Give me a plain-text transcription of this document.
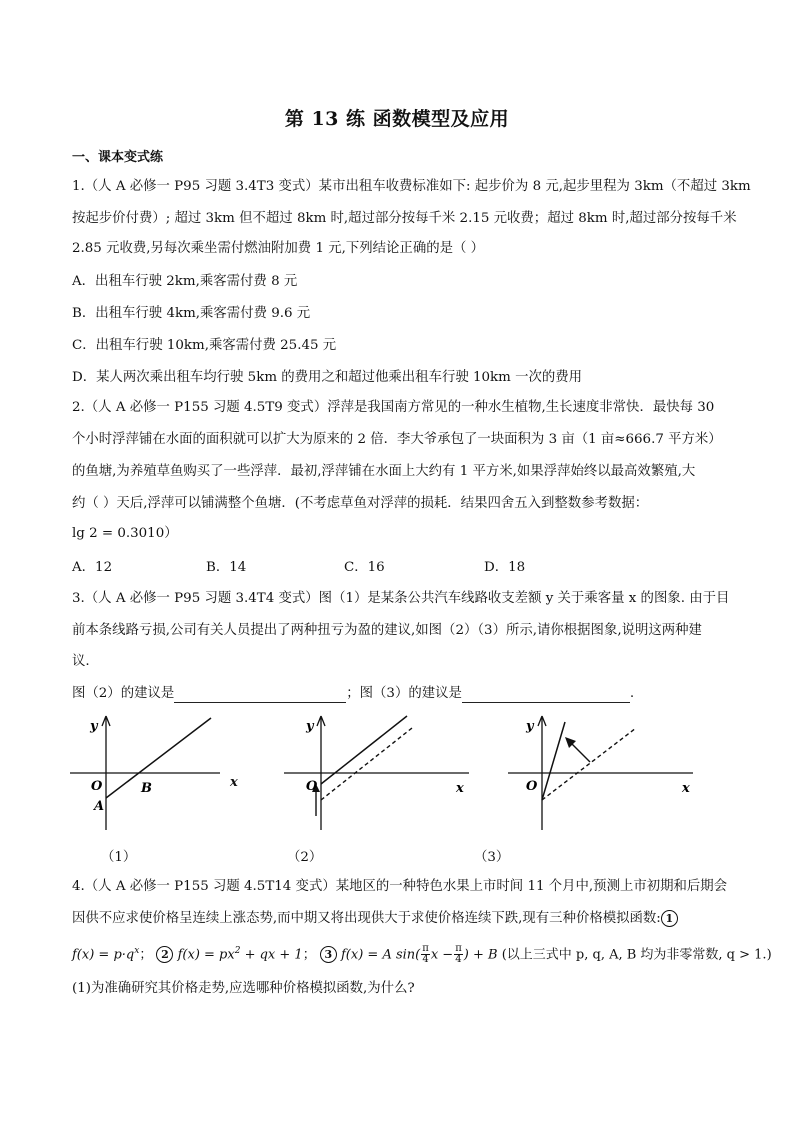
第 13 练 函数模型及应用
一、课本变式练
1.（人 A 必修一 P95 习题 3.4T3 变式）某市出租车收费标准如下: 起步价为 8 元,起步里程为 3km（不超过 3km
按起步价付费）; 超过 3km 但不超过 8km 时,超过部分按每千米 2.15 元收费；超过 8km 时,超过部分按每千米
2.85 元收费,另每次乘坐需付燃油附加费 1 元,下列结论正确的是（ ）
A．出租车行驶 2km,乘客需付费 8 元
B．出租车行驶 4km,乘客需付费 9.6 元
C．出租车行驶 10km,乘客需付费 25.45 元
D．某人两次乘出租车均行驶 5km 的费用之和超过他乘出租车行驶 10km 一次的费用
2.（人 A 必修一 P155 习题 4.5T9 变式）浮萍是我国南方常见的一种水生植物,生长速度非常快．最快每 30
个小时浮萍铺在水面的面积就可以扩大为原来的 2 倍．李大爷承包了一块面积为 3 亩（1 亩≈666.7 平方米）
的鱼塘,为养殖草鱼购买了一些浮萍．最初,浮萍铺在水面上大约有 1 平方米,如果浮萍始终以最高效繁殖,大
约（ ）天后,浮萍可以铺满整个鱼塘．(不考虑草鱼对浮萍的损耗．结果四舍五入到整数参考数据：
lg 2 = 0.3010）
A．12	B．14	C．16	D．18
3.（人 A 必修一 P95 习题 3.4T4 变式）图（1）是某条公共汽车线路收支差额 y 关于乘客量 x 的图象. 由于目
前本条线路亏损,公司有关人员提出了两种扭亏为盈的建议,如图（2）（3）所示,请你根据图象,说明这两种建
议.
图（2）的建议是	；图（3）的建议是	.
y
O
A
B	x
y
O	x
y
O	x
（1）	（2）	（3）
4.（人 A 必修一 P155 习题 4.5T14 变式）某地区的一种特色水果上市时间 11 个月中,预测上市初期和后期会
因供不应求使价格呈连续上涨态势,而中期又将出现供大于求使价格连续下跌,现有三种价格模拟函数: 1
$f(x) = p\cdot q^x$； 2 $f(x) = px^2$ + qx + 1； 3 f(x) = A $\sin( \frac{\pi}{4}$ $x - \frac{\pi}{4}$ ) + B (以上三式中 p, q, A, B 均为非零常数, q > 1.)
(1)为准确研究其价格走势,应选哪种价格模拟函数,为什么?
